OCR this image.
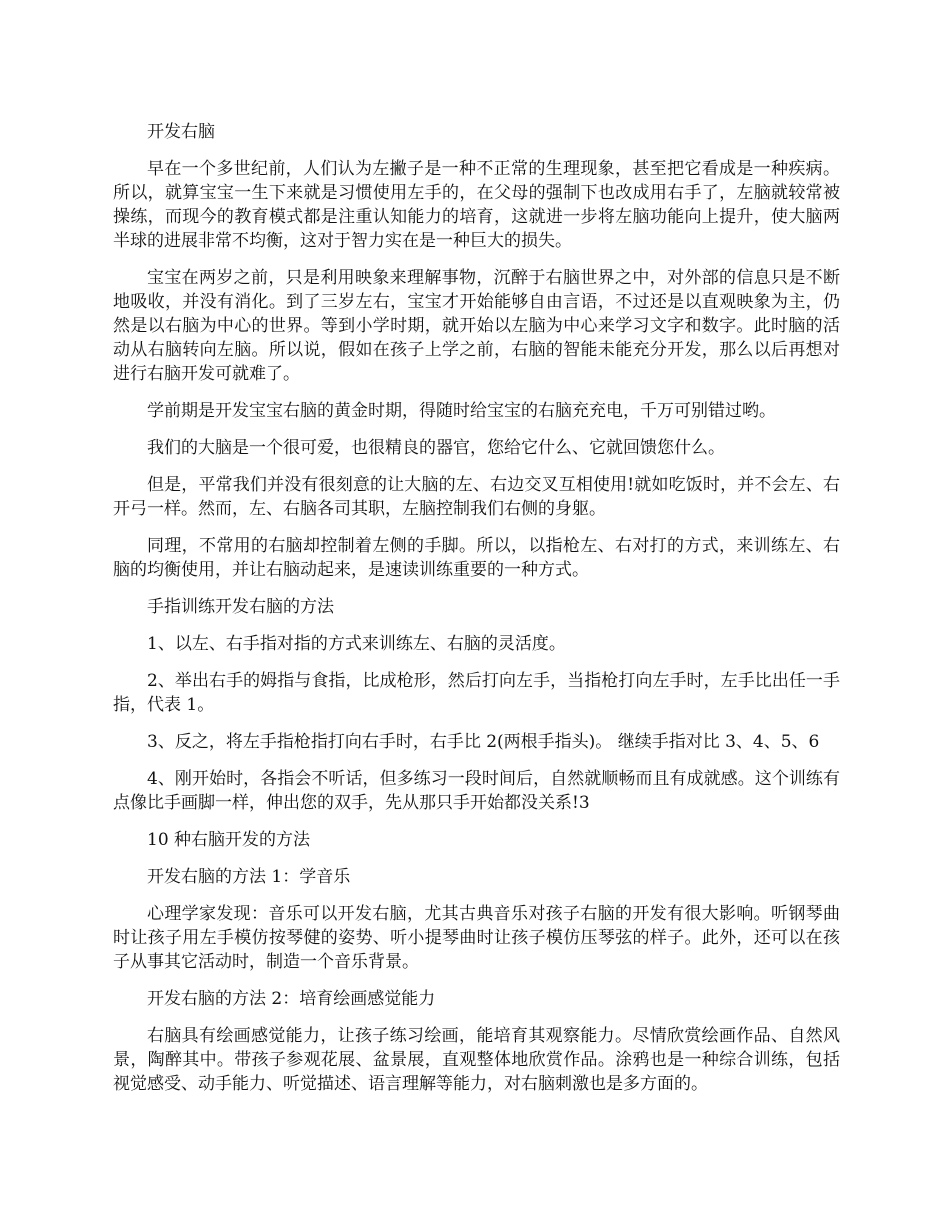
开发右脑

早在一个多世纪前，人们认为左撇子是一种不正常的生理现象，甚至把它看成是一种疾病。所以，就算宝宝一生下来就是习惯使用左手的，在父母的强制下也改成用右手了，左脑就较常被操练，而现今的教育模式都是注重认知能力的培育，这就进一步将左脑功能向上提升，使大脑两半球的进展非常不均衡，这对于智力实在是一种巨大的损失。

宝宝在两岁之前，只是利用映象来理解事物，沉醉于右脑世界之中，对外部的信息只是不断地吸收，并没有消化。到了三岁左右，宝宝才开始能够自由言语，不过还是以直观映象为主，仍然是以右脑为中心的世界。等到小学时期，就开始以左脑为中心来学习文字和数字。此时脑的活动从右脑转向左脑。所以说，假如在孩子上学之前，右脑的智能未能充分开发，那么以后再想对进行右脑开发可就难了。

学前期是开发宝宝右脑的黄金时期，得随时给宝宝的右脑充充电，千万可别错过哟。

我们的大脑是一个很可爱，也很精良的器官，您给它什么、它就回馈您什么。

但是，平常我们并没有很刻意的让大脑的左、右边交叉互相使用!就如吃饭时，并不会左、右开弓一样。然而，左、右脑各司其职，左脑控制我们右侧的身躯。

同理，不常用的右脑却控制着左侧的手脚。所以，以指枪左、右对打的方式，来训练左、右脑的均衡使用，并让右脑动起来，是速读训练重要的一种方式。

手指训练开发右脑的方法

1、以左、右手指对指的方式来训练左、右脑的灵活度。

2、举出右手的姆指与食指，比成枪形，然后打向左手，当指枪打向左手时，左手比出任一手指，代表 1。

3、反之，将左手指枪指打向右手时，右手比 2(两根手指头)。 继续手指对比 3、4、5、6

4、刚开始时，各指会不听话，但多练习一段时间后，自然就顺畅而且有成就感。这个训练有点像比手画脚一样，伸出您的双手，先从那只手开始都没关系!3

10 种右脑开发的方法

开发右脑的方法 1：学音乐

心理学家发现：音乐可以开发右脑，尤其古典音乐对孩子右脑的开发有很大影响。听钢琴曲时让孩子用左手模仿按琴健的姿势、听小提琴曲时让孩子模仿压琴弦的样子。此外，还可以在孩子从事其它活动时，制造一个音乐背景。

开发右脑的方法 2：培育绘画感觉能力

右脑具有绘画感觉能力，让孩子练习绘画，能培育其观察能力。尽情欣赏绘画作品、自然风景，陶醉其中。带孩子参观花展、盆景展，直观整体地欣赏作品。涂鸦也是一种综合训练，包括视觉感受、动手能力、听觉描述、语言理解等能力，对右脑刺激也是多方面的。
